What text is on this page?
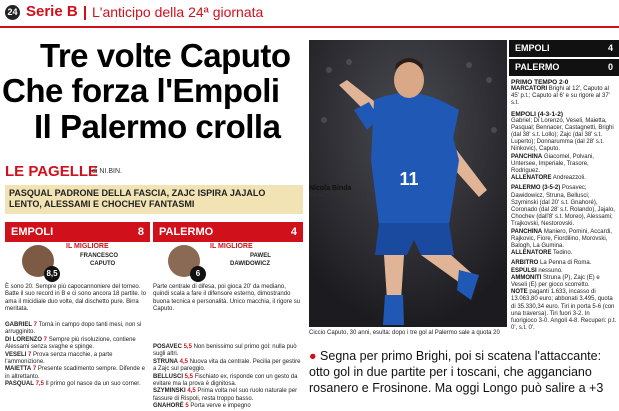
24 Serie B L'anticipo della 24ª giornata
Tre volte Caputo
Che forza l'Empoli
Il Palermo crolla
LE PAGELLE
di NI.BIN.
PASQUAL PADRONE DELLA FASCIA, ZAJC ISPIRA JAJALO LENTO, ALESSAMI E CHOCHEV FANTASMI
EMPOLI	8
8,5
IL MIGLIORE
FRANCESCO
CAPUTO
È sono 20. Sempre più capocannoniere del torneo. Batte il suo record in B e ci sono ancora 18 partite. Io ama il micidiale duo volte, dal dischetto pure. Birra meritata.
GABRIEL 7 Tornà in campo dopo tanti mesi, non si arrugginito.
DI LORENZO 7 Sempre più risoluzione, contiene Alessami senza svaghe e spinge.
VESELI 7 Prova senza macchie, a parte l'ammonizione.
MAIETTA 7 Presente scadimento sempre. Difende e in altrettanto.
PASQUAL 7,5 Il primo gol nasce da un suo corner.
PALERMO	4
6
IL MIGLIORE
PAWEL
DAWIDOWICZ
Parte centrale di difesa, poi gioca 20' da mediano, quindi scala a fare il difensore esterno, dimostrando buona tecnica e personalità. Unico macchia, il rigore su Caputo.
POSAVEC 5,5 Non benissimo sul primo gol: nulla può sugli altri.
STRUNA 4,5 Nuova vita da centrale. Pecilia per gestire a Zajc sul pareggio.
BELLUSCI 5,5 Fischiato ex, risponde con un gesto da evitare ma la prova è dignitosa.
SZYMINSKI 4,5 Prima volta nel suo ruolo naturale per fassure di Rispoli, resta troppo basso.
GNAHORÉ 5 Porta verve e impegno
11
Ciccio Caputo, 30 anni, esulta: dopo i tre gol al Palermo sale a quota 20
Nicola Binda
INVIATO A EMPOLI (FI)
● Segna per primo Brighi, poi si scatena l'attaccante: otto gol in due partite per i toscani, che agganciano rosanero e Frosinone. Ma oggi Longo può salire a +3
EMPOLI	4
PALERMO	0
PRIMO TEMPO 2-0
MARCATORI Brighi al 12', Caputo al 45' p.t.; Caputo al 6' e su rigore al 37' s.t.
EMPOLI (4-3-1-2)
Gabriel; Di Lorenzo, Veseli, Maietta, Pasqual; Bennacer, Castagnetti, Brighi (dal 38' s.t. Lollo); Zajc (dal 38' s.t. Luperto); Donnarumma (dal 28' s.t. Ninkovic), Caputo.
PANCHINA Giacomel, Polvani, Untersee, Imperiale, Trasore, Rodriguez.
ALLENATORE Andreazzoli.
PALERMO (3-5-2) Posavec; Dawidowicz, Struna, Bellusci; Szyminski (dal 20' s.t. Gnahoré), Coronado (dal 28' s.t. Rolando), Jajalo, Chochev (dall'8' s.t. Moreo), Alessami; Trajkovski, Nestorovski.
PANCHINA Maniero, Pomini, Accardi, Rajkovic, Fiore, Fiordilino, Morovski, Balogh, La Gumina.
ALLENATORE Tedino.
ARBITRO La Penna di Roma.
ESPULSI nessuno.
AMMONITI Struna (P), Zajc (E) e Veseli (E) per gioco scorretto.
NOTE paganti 1.633, incasso di 13.063,80 euro; abbonati 3.495, quota di 35.330,34 euro. Tiri in porta 5-6 (con una traversa). Tiri fuori 3-2. In fuorigioco 3-0. Angoli 4-8. Recuperi: p.t. 0', s.t. 0'.
